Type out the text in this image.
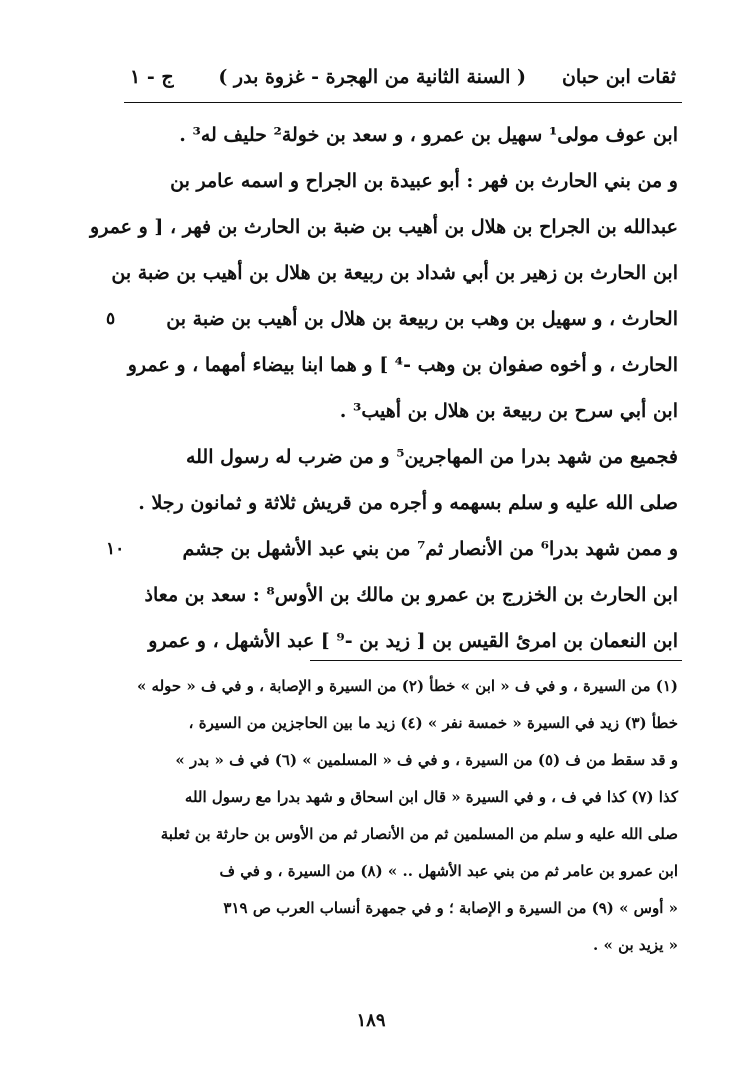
ثقات ابن حبان
( السنة الثانية من الهجرة - غزوة بدر )
ج - ١
ابن عوف مولى¹ سهيل بن عمرو ، و سعد بن خولة² حليف له³ .
و من بني الحارث بن فهر : أبو عبيدة بن الجراح و اسمه عامر بن
عبدالله بن الجراح بن هلال بن أهيب بن ضبة بن الحارث بن فهر ، [ و عمرو
ابن الحارث بن زهير بن أبي شداد بن ربيعة بن هلال بن أهيب بن ضبة بن
الحارث ، و سهيل بن وهب بن ربيعة بن هلال بن أهيب بن ضبة بن
٥
الحارث ، و أخوه صفوان بن وهب -⁴ ] و هما ابنا بيضاء أمهما ، و عمرو
ابن أبي سرح بن ربيعة بن هلال بن أهيب³ .
فجميع من شهد بدرا من المهاجرين⁵ و من ضرب له رسول الله
صلى الله عليه و سلم بسهمه و أجره من قريش ثلاثة و ثمانون رجلا .
و ممن شهد بدرا⁶ من الأنصار ثم⁷ من بني عبد الأشهل بن جشم
١٠
ابن الحارث بن الخزرج بن عمرو بن مالك بن الأوس⁸ : سعد بن معاذ
ابن النعمان بن امرئ القيس بن [ زيد بن -⁹ ] عبد الأشهل ، و عمرو
(١) من السيرة ، و في ف « ابن » خطأ (٢) من السيرة و الإصابة ، و في ف « حوله »
خطأ (٣) زيد في السيرة « خمسة نفر » (٤) زيد ما بين الحاجزين من السيرة ،
و قد سقط من ف (٥) من السيرة ، و في ف « المسلمين » (٦) في ف « بدر »
كذا (٧) كذا في ف ، و في السيرة « قال ابن اسحاق و شهد بدرا مع رسول الله
صلى الله عليه و سلم من المسلمين ثم من الأنصار ثم من الأوس بن حارثة بن ثعلبة
ابن عمرو بن عامر ثم من بني عبد الأشهل .. » (٨) من السيرة ، و في ف
« أوس » (٩) من السيرة و الإصابة ؛ و في جمهرة أنساب العرب ص ٣١٩
« يزيد بن » .
١٨٩
